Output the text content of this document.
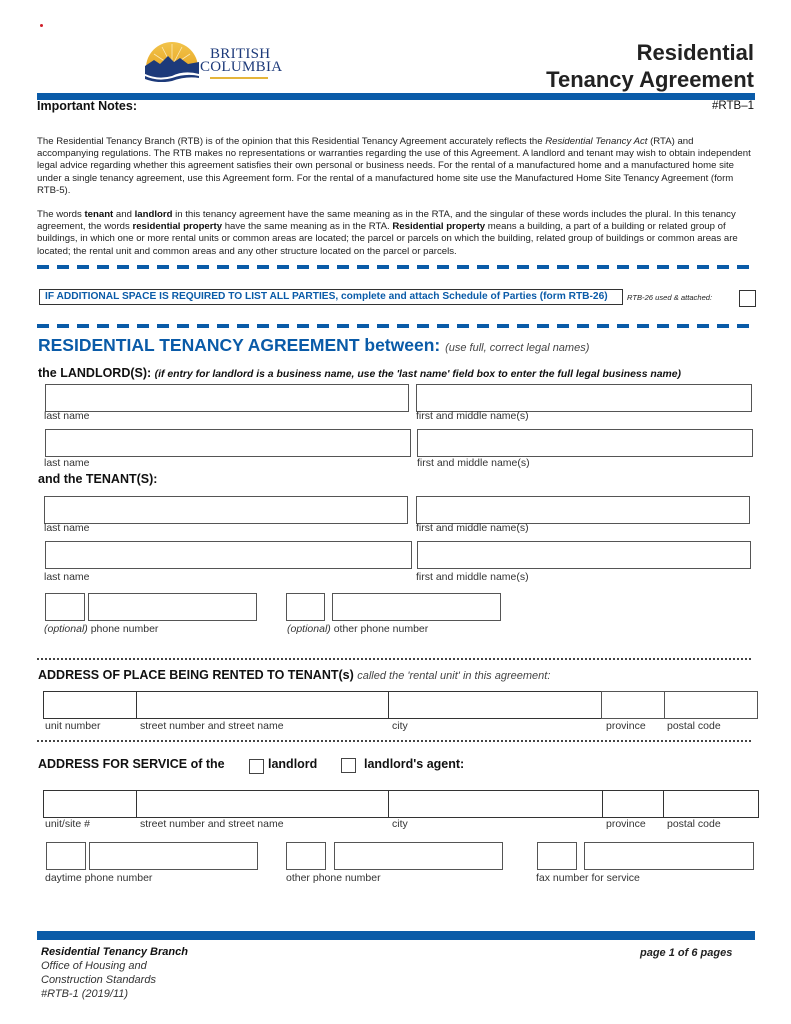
BRITISH
COLUMBIA
Residential
Tenancy Agreement
Important Notes:	#RTB–1
The Residential Tenancy Branch (RTB) is of the opinion that this Residential Tenancy Agreement accurately reflects the Residential Tenancy Act (RTA) and accompanying regulations. The RTB makes no representations or warranties regarding the use of this Agreement. A landlord and tenant may wish to obtain independent legal advice regarding whether this agreement satisfies their own personal or business needs. For the rental of a manufactured home and a manufactured home site under a single tenancy agreement, use this Agreement form. For the rental of a manufactured home site use the Manufactured Home Site Tenancy Agreement (form RTB-5).
The words tenant and landlord in this tenancy agreement have the same meaning as in the RTA, and the singular of these words includes the plural. In this tenancy agreement, the words residential property have the same meaning as in the RTA. Residential property means a building, a part of a building or related group of buildings, in which one or more rental units or common areas are located; the parcel or parcels on which the building, related group of buildings or common areas are located; the rental unit and common areas and any other structure located on the parcel or parcels.
IF ADDITIONAL SPACE IS REQUIRED TO LIST ALL PARTIES, complete and attach Schedule of Parties (form RTB-26)	RTB-26 used & attached:
RESIDENTIAL TENANCY AGREEMENT between: (use full, correct legal names)
the LANDLORD(S): (if entry for landlord is a business name, use the 'last name' field box to enter the full legal business name)
last name	first and middle name(s)
last name	first and middle name(s)
and the TENANT(S):
last name	first and middle name(s)
last name	first and middle name(s)
(optional) phone number	(optional) other phone number
ADDRESS OF PLACE BEING RENTED TO TENANT(s) called the 'rental unit' in this agreement:
unit number	street number and street name	city	province postal code
ADDRESS FOR SERVICE of the	landlord	landlord's agent:
unit/site #	street number and street name	city	province postal code
daytime phone number	other phone number	fax number for service
Residential Tenancy Branch
Office of Housing and
Construction Standards
#RTB-1 (2019/11)
page 1 of 6 pages
